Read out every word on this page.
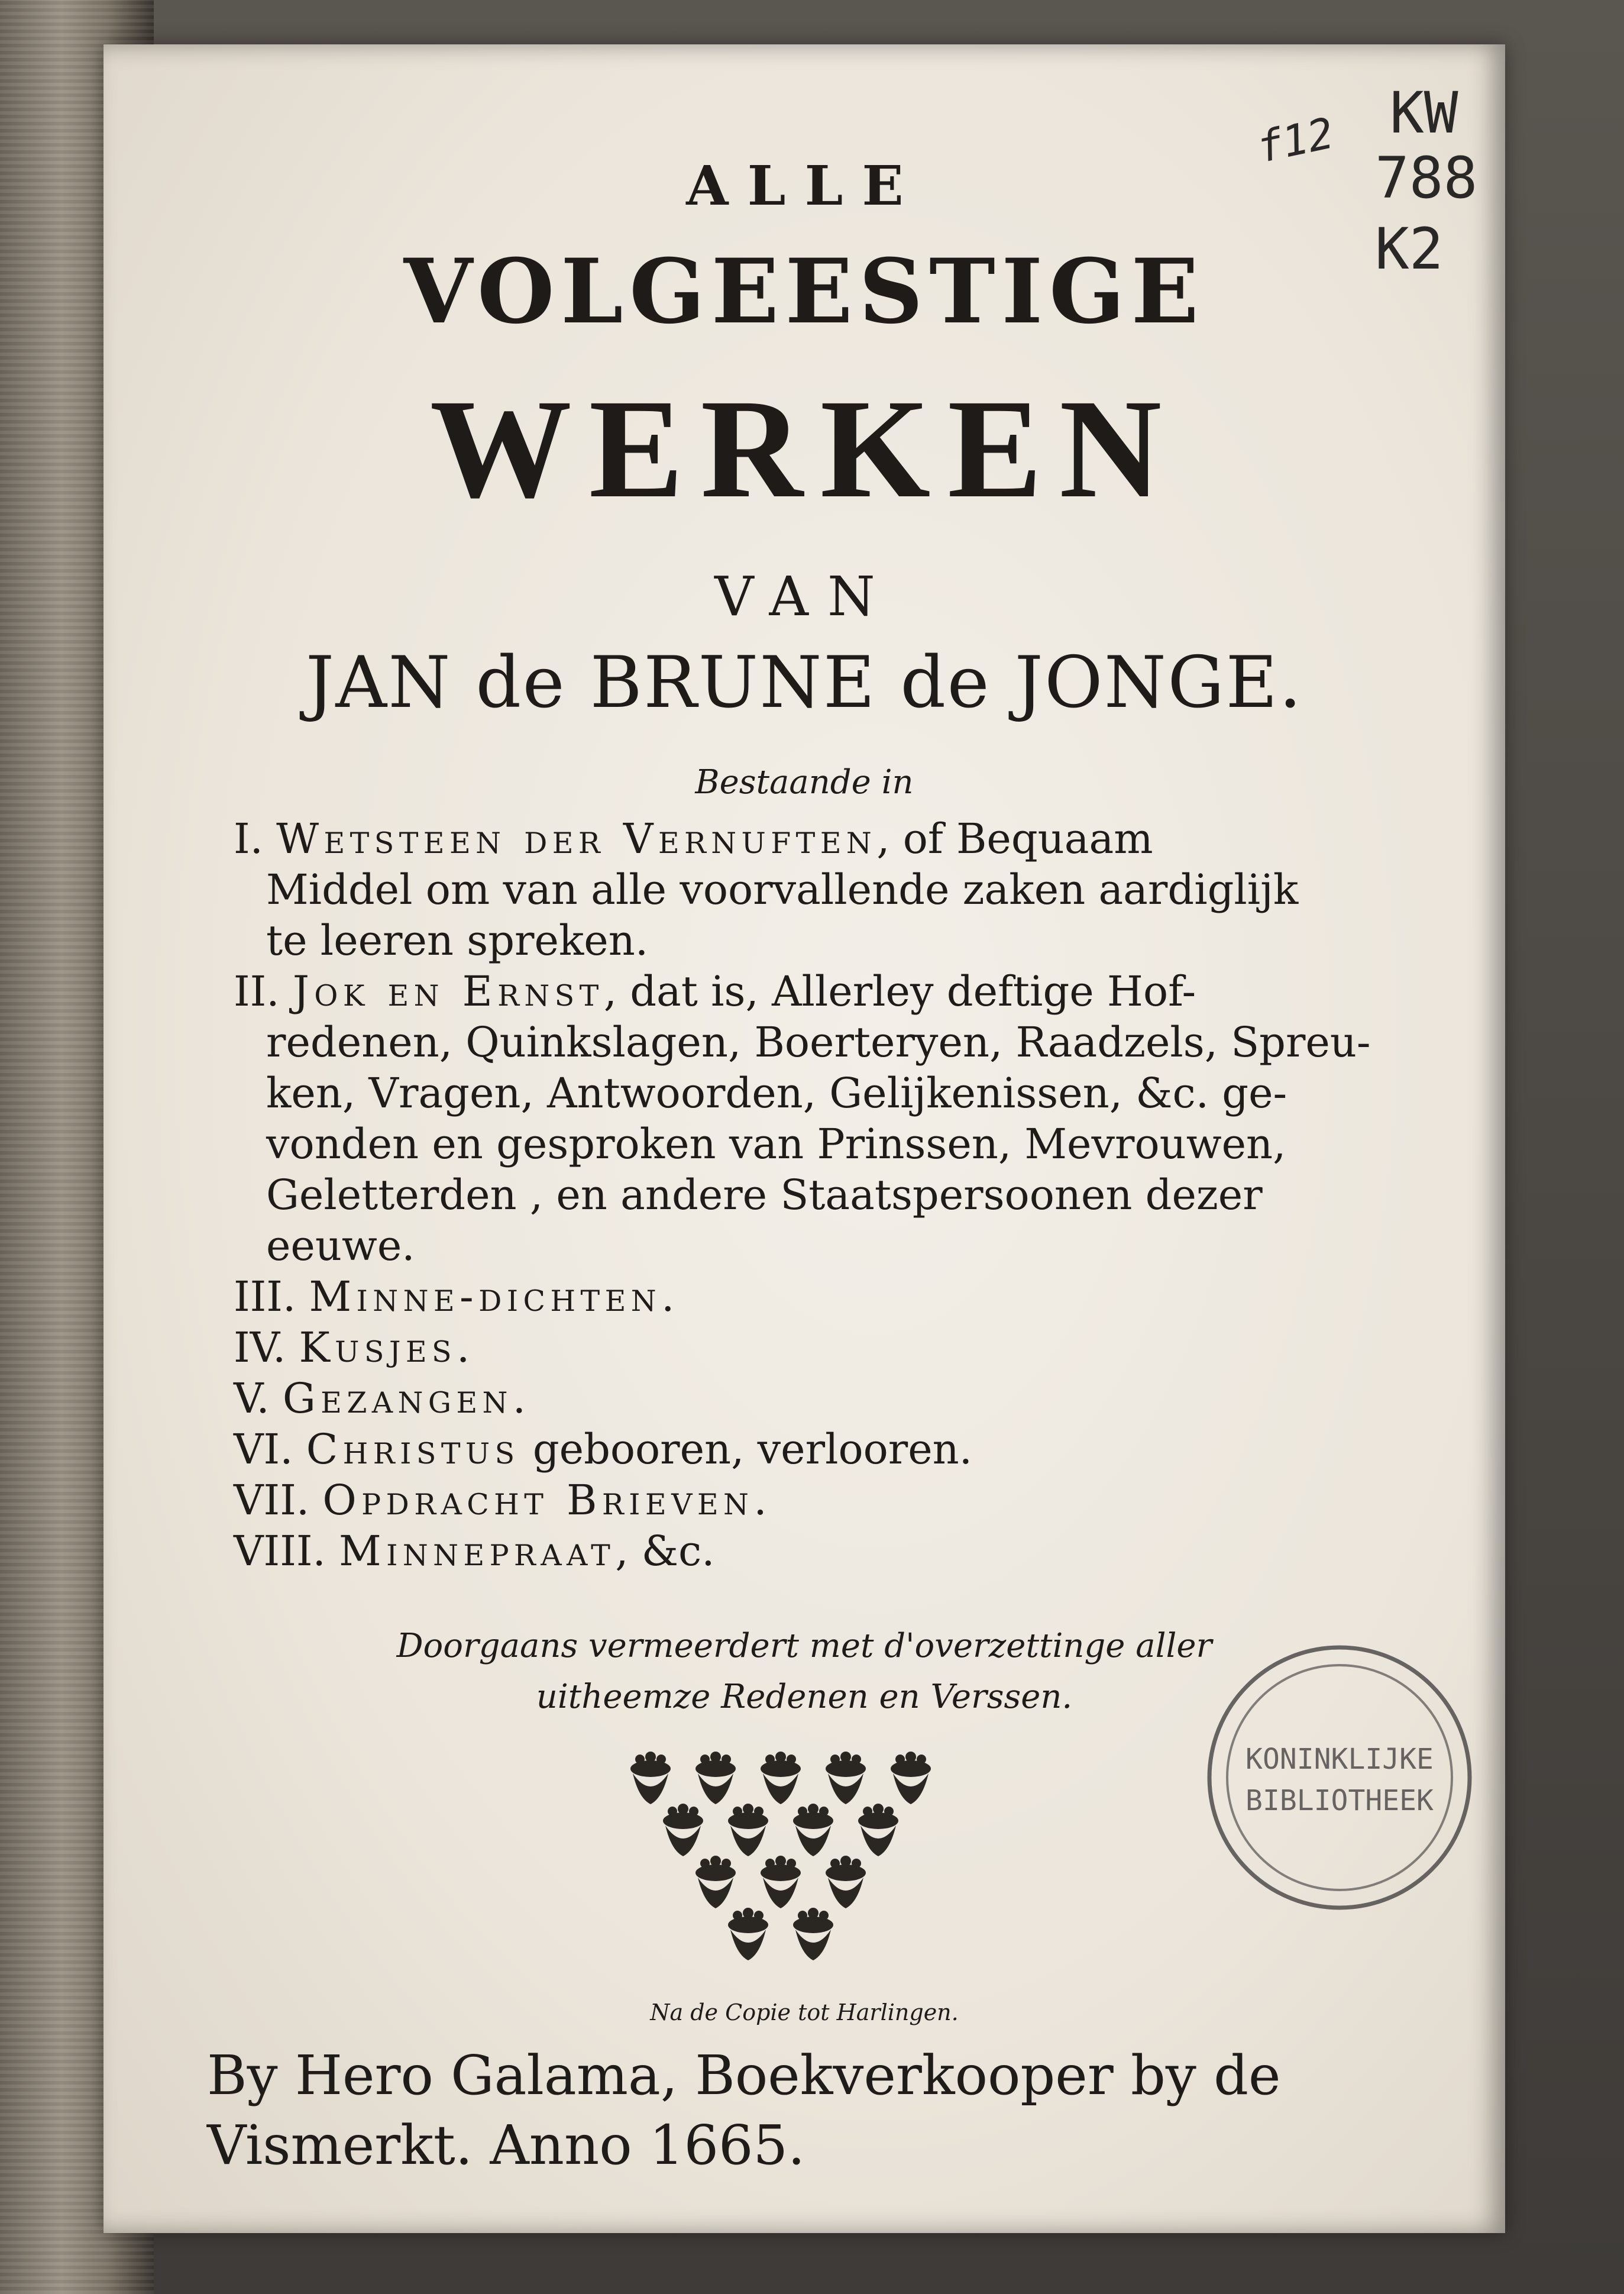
ALLE
VOLGEESTIGE
WERKEN
VAN
JAN de BRUNE de JONGE.
Bestaande in

I. Wetsteen der Vernuften, of Bequaam

Middel om van alle voorvallende zaken aardiglijk

te leeren spreken.

II. Jok en Ernst, dat is, Allerley deftige Hof-

redenen, Quinkslagen, Boerteryen, Raadzels, Spreu-

ken, Vragen, Antwoorden, Gelijkenissen, &c. ge-

vonden en gesproken van Prinssen, Mevrouwen,

Geletterden , en andere Staatspersoonen dezer

eeuwe.

III. Minne-dichten.

IV. Kusjes.

V. Gezangen.

VI. Christus gebooren, verlooren.

VII. Opdracht Brieven.

VIII. Minnepraat, &c.

Doorgaans vermeerdert met d'overzettinge aller
uitheemze Redenen en Verssen.
Na de Copie tot Harlingen.
By Hero Galama, Boekverkooper by de
Vismerkt. Anno 1665.
KW
788
K2
f12
KONINKLIJKE
BIBLIOTHEEK
